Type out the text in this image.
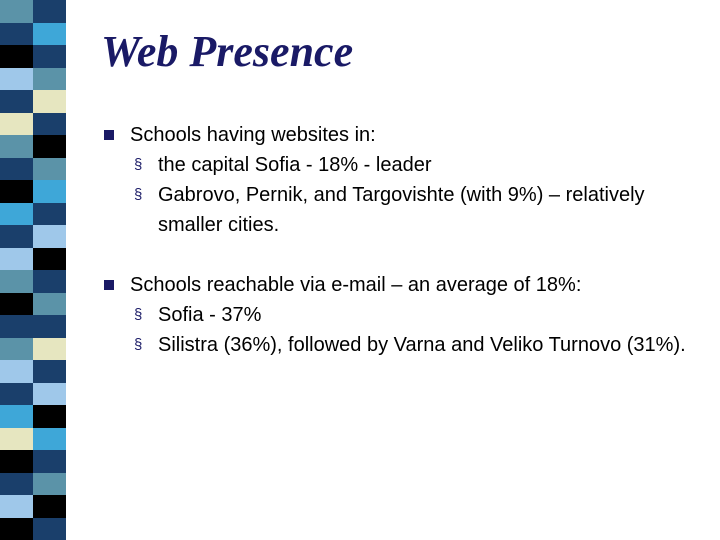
Web Presence
Schools having websites in:
§ the capital Sofia - 18% - leader
§ Gabrovo, Pernik, and Targovishte (with 9%) – relatively smaller cities.
Schools reachable via e-mail – an average of 18%:
§ Sofia - 37%
§ Silistra (36%), followed by Varna and Veliko Turnovo (31%).
